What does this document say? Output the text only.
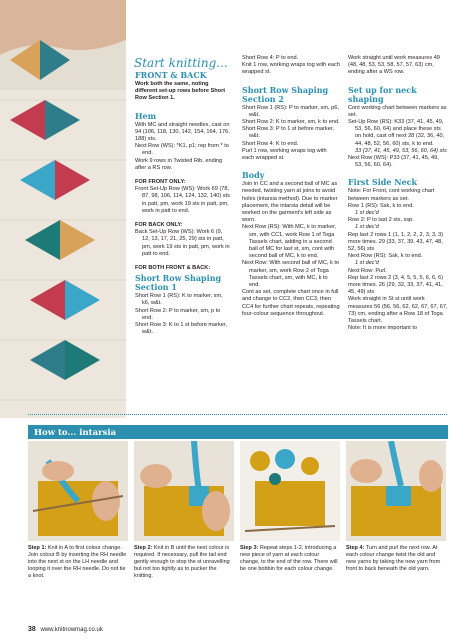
Start knitting...
FRONT & BACK

Work both the same, noting different set-up rows before Short Row Section 1.

Hem

With MC and straight needles, cast on 94 (106, 118, 130, 142, 154, 164, 176, 188) sts.

Next Row (WS): *K1, p1; rep from * to end.

Work 9 rows in Twisted Rib, ending after a RS row.

FOR FRONT ONLY:

Front Set-Up Row (WS): Work 69 (78, 87, 98, 106, 114, 124, 132, 140) sts in patt, pm, work 19 sts in patt, pm, work in patt to end.

FOR BACK ONLY:

Back Set-Up Row (WS): Work 6 (9, 12, 13, 17, 21, 25, 29) sts in patt, pm, work 19 sts in patt, pm, work in patt to end.

FOR BOTH FRONT & BACK:

Short Row Shaping Section 1

Short Row 1 (RS): K to marker, sm, k6, w&t.

Short Row 2: P to marker, sm, p to end.

Short Row 3: K to 1 st before marker, w&t.

Short Row 4: P to end.

Knit 1 row, working wraps tog with each wrapped st.

Short Row Shaping Section 2

Short Row 1 (RS): P to marker, sm, p6, w&t.

Short Row 2: K to marker, sm, k to end.

Short Row 3: P to 1 st before marker, w&t.

Short Row 4: K to end.

Purl 1 row, working wraps tog with each wrapped st.

Body

Join in CC and a second ball of MC as needed, twisting yarn at joins to avoid holes (intarsia method). Due to marker placement, the intarsia detail will be worked on the garment's left side as worn.

Next Row (RS): With MC, k to marker, sm, with CC1, work Row 1 of Toga Tassels chart, adding in a second ball of MC for last st, sm, cont with second ball of MC, k to end.

Next Row: With second ball of MC, k to marker, sm, work Row 2 of Toga Tassels chart, sm, with MC, k to end.

Cont as set, complete chart once in full and change to CC2, then CC3, then CC4 for further chart repeats, repeating four-colour sequence throughout.

Work straight until work measures 49 (48, 48, 53, 53, 58, 57, 57, 63) cm, ending after a WS row.

Set up for neck shaping

Cont working chart between markers as set.

Set-Up Row (RS): K33 (37, 41, 45, 49, 53, 56, 60, 64) and place these sts on hold, cast off next 28 (32, 36, 40, 44, 48, 52, 56, 60) sts, k to end.

33 (37, 41, 45, 49, 53, 56, 60, 64) sts

Next Row (WS): P33 (37, 41, 45, 49, 53, 56, 60, 64).

First Side Neck

Note: For Front, cont working chart between markers as set.

Row 1 (RS): Ssk, k to end.

1 st dec'd

Row 2: P to last 2 sts, ssp.

1 st dec'd

Rep last 2 rows 1 (1, 1, 2, 2, 2, 3, 3, 3) more times. 29 (33, 37, 39, 43, 47, 48, 52, 56) sts

Next Row (RS): Ssk, k to end.

1 st dec'd

Next Row: Purl.

Rep last 2 rows 2 (3, 4, 5, 5, 5, 6, 6, 6) more times. 26 (29, 32, 33, 37, 41, 41, 45, 49) sts

Work straight in St st until work measures 56 (56, 56, 62, 62, 67, 67, 67, 73) cm, ending after a Row 18 of Toga Tassels chart.

Note: It is more important to

How to... intarsia
Step 1: Knit in A to first colour change. Join colour B by inserting the RH needle into the next st on the LH needle and looping it over the RH needle. Do not tie a knot.
Step 2: Knit in B until the next colour is required. If necessary, pull the tail end gently enough to stop the st unravelling but not too tightly as to pucker the knitting.
Step 3: Repeat steps 1-2, introducing a new piece of yarn at each colour change, to the end of the row. There will be one bobbin for each colour change.
Step 4: Turn and purl the next row. At each colour change twist the old and new yarns by taking the new yarn from front to back beneath the old yarn.
38 www.knitnowmag.co.uk
